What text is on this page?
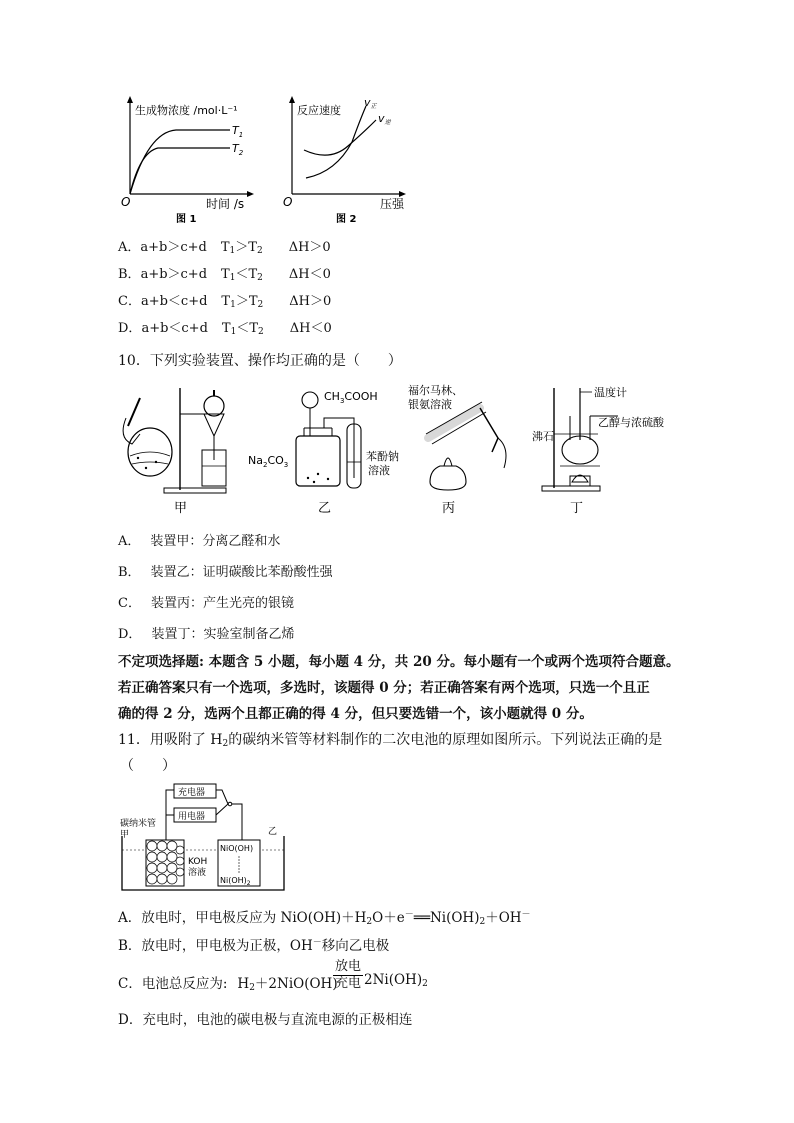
生成物浓度 /mol·L⁻¹
$T_1$
$T_2$
O	时间 /s
图 1
反应速度
v正
v逆
O	压强
图 2
A．a+b＞c+d $T_1>T_2$ ΔH＞0
B．a+b＞c+d $T_1<T_2$ ΔH＜0
C．a+b＜c+d $T_1>T_2$ ΔH＞0
D．a+b＜c+d $T_1<T_2$ ΔH＜0
10．下列实验装置、操作均正确的是（　　）
$CH_3COOH$
$Na_2CO_3$
苯酚钠
溶液
福尔马林、
银氨溶液
温度计
沸石
乙醇与浓硫酸
甲	乙	丙	丁
A． 装置甲：分离乙醛和水
B． 装置乙：证明碳酸比苯酚酸性强
C． 装置丙：产生光亮的银镜
D． 装置丁：实验室制备乙烯
不定项选择题: 本题含 5 小题，每小题 4 分，共 20 分。每小题有一个或两个选项符合题意。
若正确答案只有一个选项，多选时，该题得 0 分；若正确答案有两个选项，只选一个且正
确的得 2 分，选两个且都正确的得 4 分，但只要选错一个，该小题就得 0 分。
11．用吸附了 $H_2$的碳纳米管等材料制作的二次电池的原理如图所示。下列说法正确的是
（　　）
充电器
用电器
碳纳米管
甲	乙
KOH
溶液
NiO(OH)
$Ni(OH)_2$
A．放电时，甲电极反应为 $NiO(OH)+H_2O+e^-══Ni(OH)_2+OH^-$
B．放电时，甲电极为正极，OH－移向乙电极
C．电池总反应为: $H_2+2NiO(OH)$
放电
充电 $2Ni(OH)_2$
D．充电时，电池的碳电极与直流电源的正极相连
